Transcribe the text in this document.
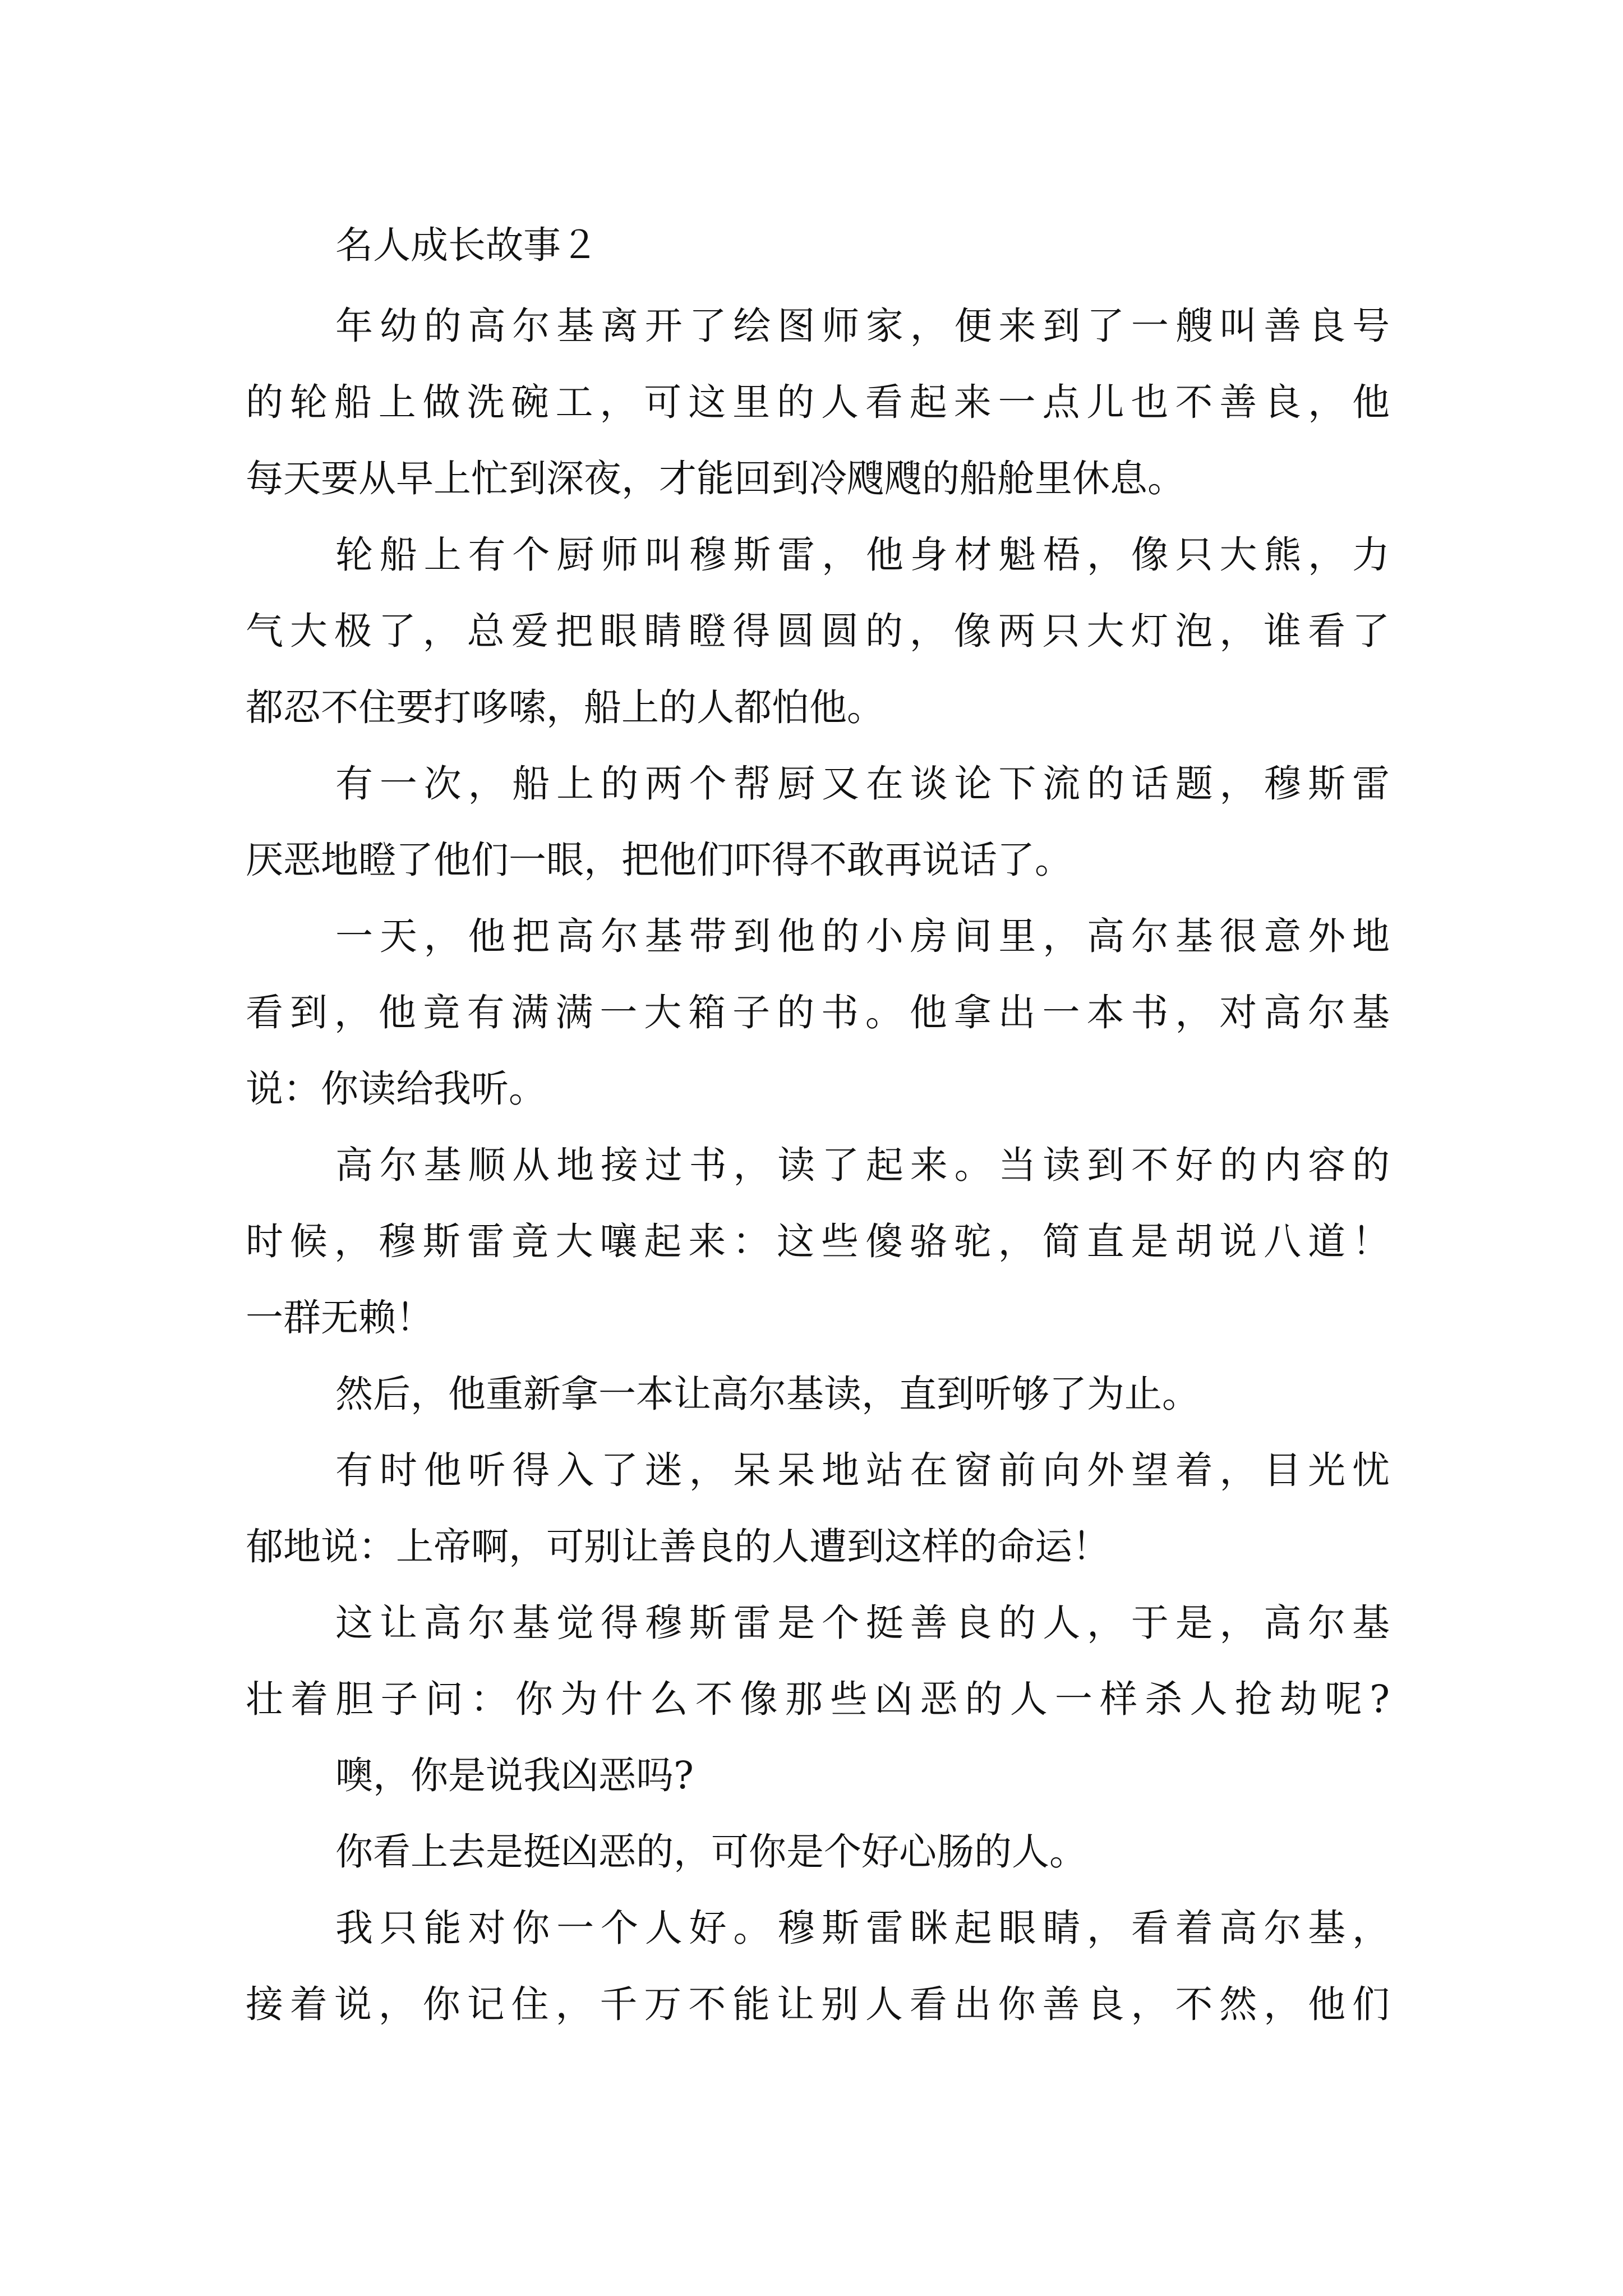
名人成长故事２

年幼的高尔基离开了绘图师家，便来到了一艘叫善良号

的轮船上做洗碗工，可这里的人看起来一点儿也不善良，他

每天要从早上忙到深夜，才能回到冷飕飕的船舱里休息。

轮船上有个厨师叫穆斯雷，他身材魁梧，像只大熊，力

气大极了，总爱把眼睛瞪得圆圆的，像两只大灯泡，谁看了

都忍不住要打哆嗦，船上的人都怕他。

有一次，船上的两个帮厨又在谈论下流的话题，穆斯雷

厌恶地瞪了他们一眼，把他们吓得不敢再说话了。

一天，他把高尔基带到他的小房间里，高尔基很意外地

看到，他竟有满满一大箱子的书。他拿出一本书，对高尔基

说：你读给我听。

高尔基顺从地接过书，读了起来。当读到不好的内容的

时候，穆斯雷竟大嚷起来：这些傻骆驼，简直是胡说八道！

一群无赖！

然后，他重新拿一本让高尔基读，直到听够了为止。

有时他听得入了迷，呆呆地站在窗前向外望着，目光忧

郁地说：上帝啊，可别让善良的人遭到这样的命运！

这让高尔基觉得穆斯雷是个挺善良的人，于是，高尔基

壮着胆子问：你为什么不像那些凶恶的人一样杀人抢劫呢?

噢，你是说我凶恶吗?

你看上去是挺凶恶的，可你是个好心肠的人。

我只能对你一个人好。穆斯雷眯起眼睛，看着高尔基，

接着说，你记住，千万不能让别人看出你善良，不然，他们
